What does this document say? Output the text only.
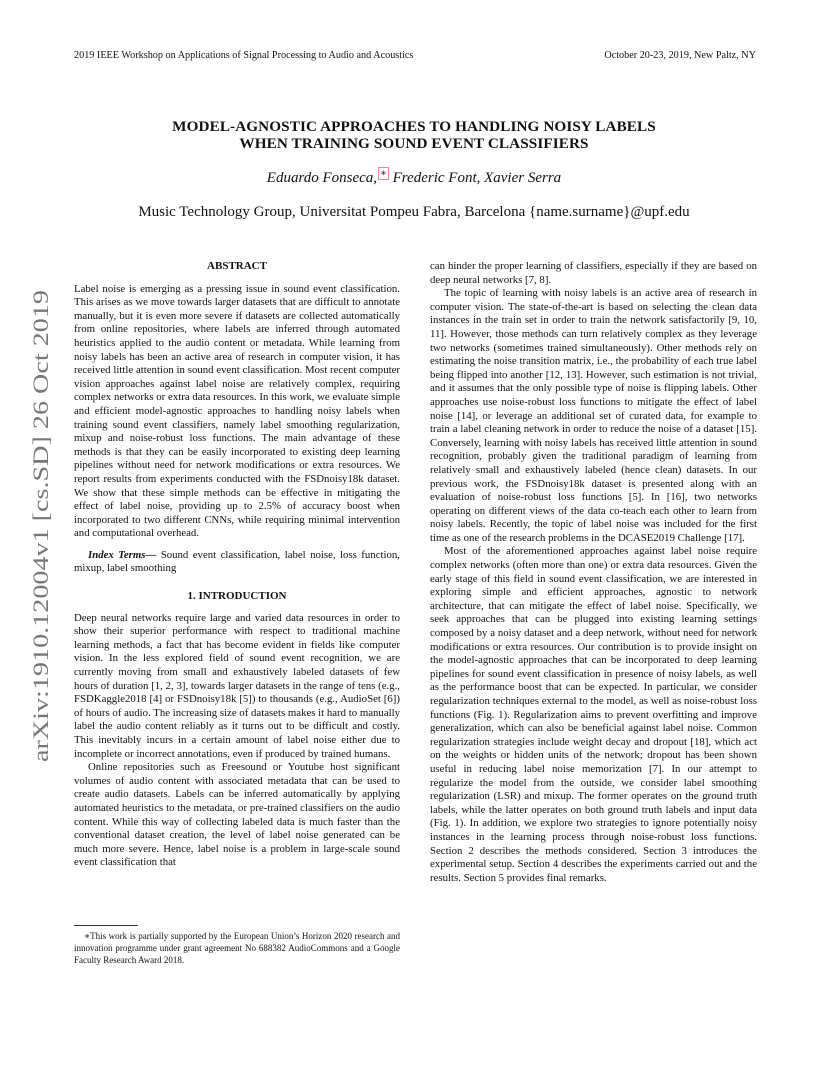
2019 IEEE Workshop on Applications of Signal Processing to Audio and Acoustics	October 20-23, 2019, New Paltz, NY
MODEL-AGNOSTIC APPROACHES TO HANDLING NOISY LABELS
WHEN TRAINING SOUND EVENT CLASSIFIERS
Eduardo Fonseca, ∗ Frederic Font, Xavier Serra
Music Technology Group, Universitat Pompeu Fabra, Barcelona {name.surname}@upf.edu
arXiv:1910.12004v1 [cs.SD] 26 Oct 2019
ABSTRACT

Label noise is emerging as a pressing issue in sound event classification. This arises as we move towards larger datasets that are difficult to annotate manually, but it is even more severe if datasets are collected automatically from online repositories, where labels are inferred through automated heuristics applied to the audio content or metadata. While learning from noisy labels has been an active area of research in computer vision, it has received little attention in sound event classification. Most recent computer vision approaches against label noise are relatively complex, requiring complex networks or extra data resources. In this work, we evaluate simple and efficient model-agnostic approaches to handling noisy labels when training sound event classifiers, namely label smoothing regularization, mixup and noise-robust loss functions. The main advantage of these methods is that they can be easily incorporated to existing deep learning pipelines without need for network modifications or extra resources. We report results from experiments conducted with the FSDnoisy18k dataset. We show that these simple methods can be effective in mitigating the effect of label noise, providing up to 2.5% of accuracy boost when incorporated to two different CNNs, while requiring minimal intervention and computational overhead.

Index Terms— Sound event classification, label noise, loss function, mixup, label smoothing

1. INTRODUCTION

Deep neural networks require large and varied data resources in order to show their superior performance with respect to traditional machine learning methods, a fact that has become evident in fields like computer vision. In the less explored field of sound event recognition, we are currently moving from small and exhaustively labeled datasets of few hours of duration [1, 2, 3], towards larger datasets in the range of tens (e.g., FSDKaggle2018 [4] or FSDnoisy18k [5]) to thousands (e.g., AudioSet [6]) of hours of audio. The increasing size of datasets makes it hard to manually label the audio content reliably as it turns out to be difficult and costly. This inevitably incurs in a certain amount of label noise either due to incomplete or incorrect annotations, even if produced by trained humans.

Online repositories such as Freesound or Youtube host significant volumes of audio content with associated metadata that can be used to create audio datasets. Labels can be inferred automatically by applying automated heuristics to the metadata, or pre-trained classifiers on the audio content. While this way of collecting labeled data is much faster than the conventional dataset creation, the level of label noise generated can be much more severe. Hence, label noise is a problem in large-scale sound event classification that

∗This work is partially supported by the European Union’s Horizon 2020 research and innovation programme under grant agreement No 688382 AudioCommons and a Google Faculty Research Award 2018.

can hinder the proper learning of classifiers, especially if they are based on deep neural networks [7, 8].

The topic of learning with noisy labels is an active area of research in computer vision. The state-of-the-art is based on selecting the clean data instances in the train set in order to train the network satisfactorily [9, 10, 11]. However, those methods can turn relatively complex as they leverage two networks (sometimes trained simultaneously). Other methods rely on estimating the noise transition matrix, i.e., the probability of each true label being flipped into another [12, 13]. However, such estimation is not trivial, and it assumes that the only possible type of noise is flipping labels. Other approaches use noise-robust loss functions to mitigate the effect of label noise [14], or leverage an additional set of curated data, for example to train a label cleaning network in order to reduce the noise of a dataset [15]. Conversely, learning with noisy labels has received little attention in sound recognition, probably given the traditional paradigm of learning from relatively small and exhaustively labeled (hence clean) datasets. In our previous work, the FSDnoisy18k dataset is presented along with an evaluation of noise-robust loss functions [5]. In [16], two networks operating on different views of the data co-teach each other to learn from noisy labels. Recently, the topic of label noise was included for the first time as one of the research problems in the DCASE2019 Challenge [17].

Most of the aforementioned approaches against label noise require complex networks (often more than one) or extra data resources. Given the early stage of this field in sound event classification, we are interested in exploring simple and efficient approaches, agnostic to network architecture, that can mitigate the effect of label noise. Specifically, we seek approaches that can be plugged into existing learning settings composed by a noisy dataset and a deep network, without need for network modifications or extra resources. Our contribution is to provide insight on the model-agnostic approaches that can be incorporated to deep learning pipelines for sound event classification in presence of noisy labels, as well as the performance boost that can be expected. In particular, we consider regularization techniques external to the model, as well as noise-robust loss functions (Fig. 1). Regularization aims to prevent overfitting and improve generalization, which can also be beneficial against label noise. Common regularization strategies include weight decay and dropout [18], which act on the weights or hidden units of the network; dropout has been shown useful in reducing label noise memorization [7]. In our attempt to regularize the model from the outside, we consider label smoothing regularization (LSR) and mixup. The former operates on the ground truth labels, while the latter operates on both ground truth labels and input data (Fig. 1). In addition, we explore two strategies to ignore potentially noisy instances in the learning process through noise-robust loss functions. Section 2 describes the methods considered. Section 3 introduces the experimental setup. Section 4 describes the experiments carried out and the results. Section 5 provides final remarks.
